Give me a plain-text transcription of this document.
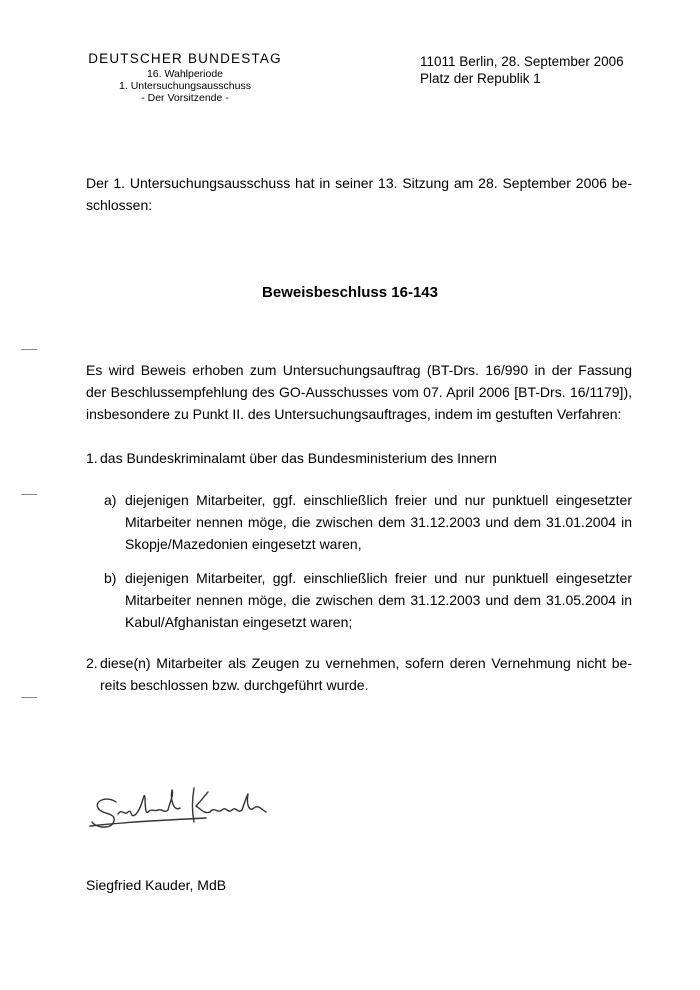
DEUTSCHER BUNDESTAG
16. Wahlperiode
1. Untersuchungsausschuss
- Der Vorsitzende -
11011 Berlin, 28. September 2006
Platz der Republik 1
Der 1. Untersuchungsausschuss hat in seiner 13. Sitzung am 28. September 2006 be-
schlossen:
Beweisbeschluss 16-143
Es wird Beweis erhoben zum Untersuchungsauftrag (BT-Drs. 16/990 in der Fassung
der Beschlussempfehlung des GO-Ausschusses vom 07. April 2006 [BT-Drs. 16/1179]),
insbesondere zu Punkt II. des Untersuchungsauftrages, indem im gestuften Verfahren:
1. das Bundeskriminalamt über das Bundesministerium des Innern
a) diejenigen Mitarbeiter, ggf. einschließlich freier und nur punktuell eingesetzter
Mitarbeiter nennen möge, die zwischen dem 31.12.2003 und dem 31.01.2004 in
Skopje/Mazedonien eingesetzt waren,
b) diejenigen Mitarbeiter, ggf. einschließlich freier und nur punktuell eingesetzter
Mitarbeiter nennen möge, die zwischen dem 31.12.2003 und dem 31.05.2004 in
Kabul/Afghanistan eingesetzt waren;
2. diese(n) Mitarbeiter als Zeugen zu vernehmen, sofern deren Vernehmung nicht be-
reits beschlossen bzw. durchgeführt wurde.
Siegfried Kauder, MdB
